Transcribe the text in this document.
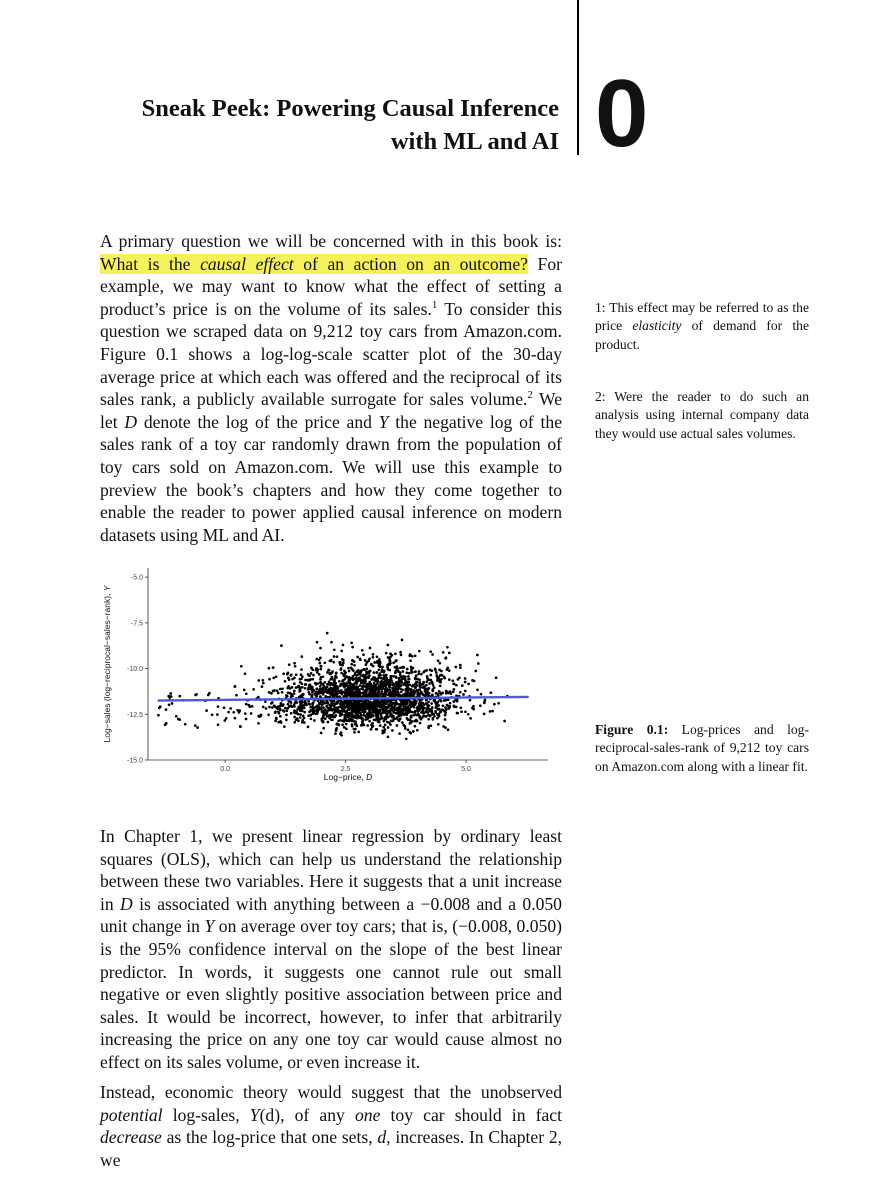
Sneak Peek: Powering Causal Inference
with ML and AI 0

A primary question we will be concerned with in this book is: What is the causal effect of an action on an outcome? For example, we may want to know what the effect of setting a product’s price is on the volume of its sales.$^1$ To consider this question we scraped data on 9,212 toy cars from Amazon.com. Figure 0.1 shows a log-log-scale scatter plot of the 30-day average price at which each was offered and the reciprocal of its sales rank, a publicly available surrogate for sales volume.$^2$ We let D denote the log of the price and Y the negative log of the sales rank of a toy car randomly drawn from the population of toy cars sold on Amazon.com. We will use this example to preview the book’s chapters and how they come together to enable the reader to power applied causal inference on modern datasets using ML and AI.

1: This effect may be referred to as the price elasticity of demand for the product.
2: Were the reader to do such an analysis using internal company data they would use actual sales volumes.
-5.0
-7.5
-10.0
-12.5
-15.0
0.0	2.5	5.0
Log−price, D
Log−sales (log−reciprocal−sales−rank), Y
Figure 0.1: Log-prices and log-reciprocal-sales-rank of 9,212 toy cars on Amazon.com along with a linear fit.

In Chapter 1, we present linear regression by ordinary least squares (OLS), which can help us understand the relationship between these two variables. Here it suggests that a unit increase in D is associated with anything between a −0.008 and a 0.050 unit change in Y on average over toy cars; that is, (−0.008, 0.050) is the 95% confidence interval on the slope of the best linear predictor. In words, it suggests one cannot rule out small negative or even slightly positive association between price and sales. It would be incorrect, however, to infer that arbitrarily increasing the price on any one toy car would cause almost no effect on its sales volume, or even increase it.

Instead, economic theory would suggest that the unobserved potential log-sales, Y(d), of any one toy car should in fact decrease as the log-price that one sets, d, increases. In Chapter 2, we
